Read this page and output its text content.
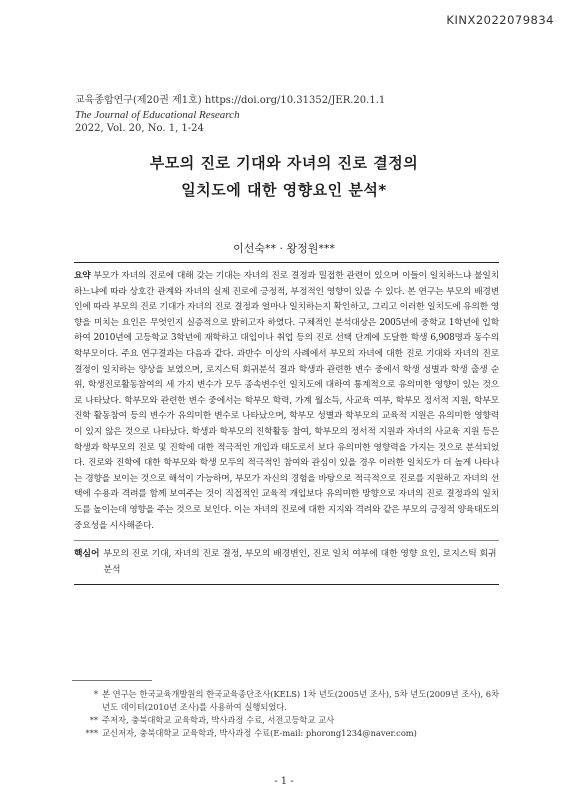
KINX2022079834
교육종합연구(제20권 제1호) https://doi.org/10.31352/JER.20.1.1
The Journal of Educational Research
2022, Vol. 20, No. 1, 1-24
부모의 진로 기대와 자녀의 진로 결정의
일치도에 대한 영향요인 분석*
이선숙** · 왕정원***
요약 부모가 자녀의 진로에 대해 갖는 기대는 자녀의 진로 결정과 밀접한 관련이 있으며 이들이 일치하느냐 불일치하느냐에 따라 상호간 관계와 자녀의 실제 진로에 긍정적, 부정적인 영향이 있을 수 있다. 본 연구는 부모의 배경변인에 따라 부모의 진로 기대가 자녀의 진로 결정과 얼마나 일치하는지 확인하고, 그리고 이러한 일치도에 유의한 영향을 미치는 요인은 무엇인지 실증적으로 밝히고자 하였다. 구체적인 분석대상은 2005년에 중학교 1학년에 입학하여 2010년에 고등학교 3학년에 재학하고 대입이나 취업 등의 진로 선택 단계에 도달한 학생 6,908명과 동수의 학부모이다. 주요 연구결과는 다음과 같다. 과반수 이상의 사례에서 부모의 자녀에 대한 진로 기대와 자녀의 진로 결정이 일치하는 양상을 보였으며, 로지스틱 회귀분석 결과 학생과 관련한 변수 중에서 학생 성별과 학생 출생 순위, 학생진로활동참여의 세 가지 변수가 모두 종속변수인 일치도에 대하여 통계적으로 유의미한 영향이 있는 것으로 나타났다. 학부모와 관련한 변수 중에서는 학부모 학력, 가계 월소득, 사교육 여부, 학부모 정서적 지원, 학부모 진학 활동참여 등의 변수가 유의미한 변수로 나타났으며, 학부모 성별과 학부모의 교육적 지원은 유의미한 영향력이 있지 않은 것으로 나타났다. 학생과 학부모의 진학활동 참여, 학부모의 정서적 지원과 자녀의 사교육 지원 등은 학생과 학부모의 진로 및 진학에 대한 적극적인 개입과 태도로서 보다 유의미한 영향력을 가지는 것으로 분석되었다. 진로와 진학에 대한 학부모와 학생 모두의 적극적인 참여와 관심이 있을 경우 이러한 일치도가 더 높게 나타나는 경향을 보이는 것으로 해석이 가능하며, 부모가 자신의 경험을 바탕으로 적극적으로 진로를 지원하고 자녀의 선택에 수용과 격려를 함께 보여주는 것이 직접적인 교육적 개입보다 유의미한 방향으로 자녀의 진로 결정과의 일치도를 높이는데 영향을 주는 것으로 보인다. 이는 자녀의 진로에 대한 지지와 격려와 같은 부모의 긍정적 양육태도의 중요성을 시사해준다.
핵심어 부모의 진로 기대, 자녀의 진로 결정, 부모의 배경변인, 진로 일치 여부에 대한 영향 요인, 로지스틱 회귀분석
* 본 연구는 한국교육개발원의 한국교육종단조사(KELS) 1차 년도(2005년 조사), 5차 년도(2009년 조사), 6차 년도 데이터(2010년 조사)를 사용하여 실행되었다.
** 주저자, 충북대학교 교육학과, 박사과정 수료, 서전고등학교 교사
*** 교신저자, 충북대학교 교육학과, 박사과정 수료(E-mail: phorong1234@naver.com)
- 1 -
